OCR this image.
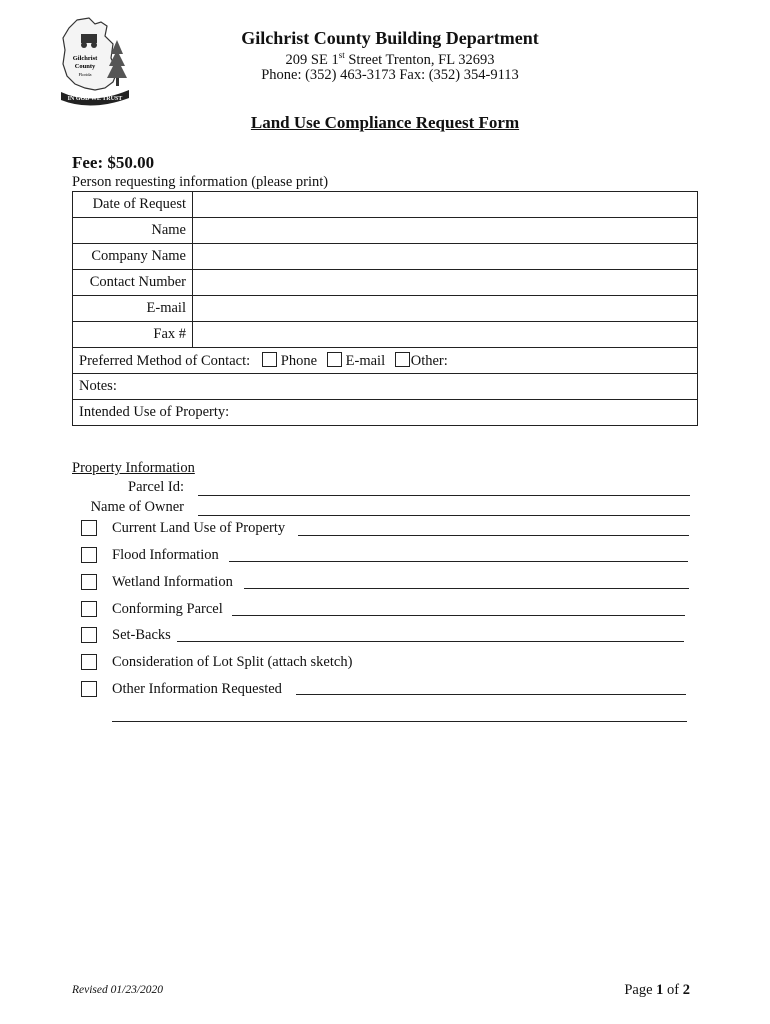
Gilchrist
County
Florida
IN GOD WE TRUST
Gilchrist County Building Department
209 SE 1st Street Trenton, FL 32693
Phone: (352) 463-3173 Fax: (352) 354-9113
Land Use Compliance Request Form
Fee: $50.00
Person requesting information (please print)
Date of Request	
Name	
Company Name	
Contact Number	
E-mail	
Fax #	
Preferred Method of Contact: Phone E-mail Other:	
Notes:	
Intended Use of Property:	
Property Information
Parcel Id:
Name of Owner
Current Land Use of Property
Flood Information
Wetland Information
Conforming Parcel
Set-Backs
Consideration of Lot Split (attach sketch)
Other Information Requested
Revised 01/23/2020	Page 1 of 2
